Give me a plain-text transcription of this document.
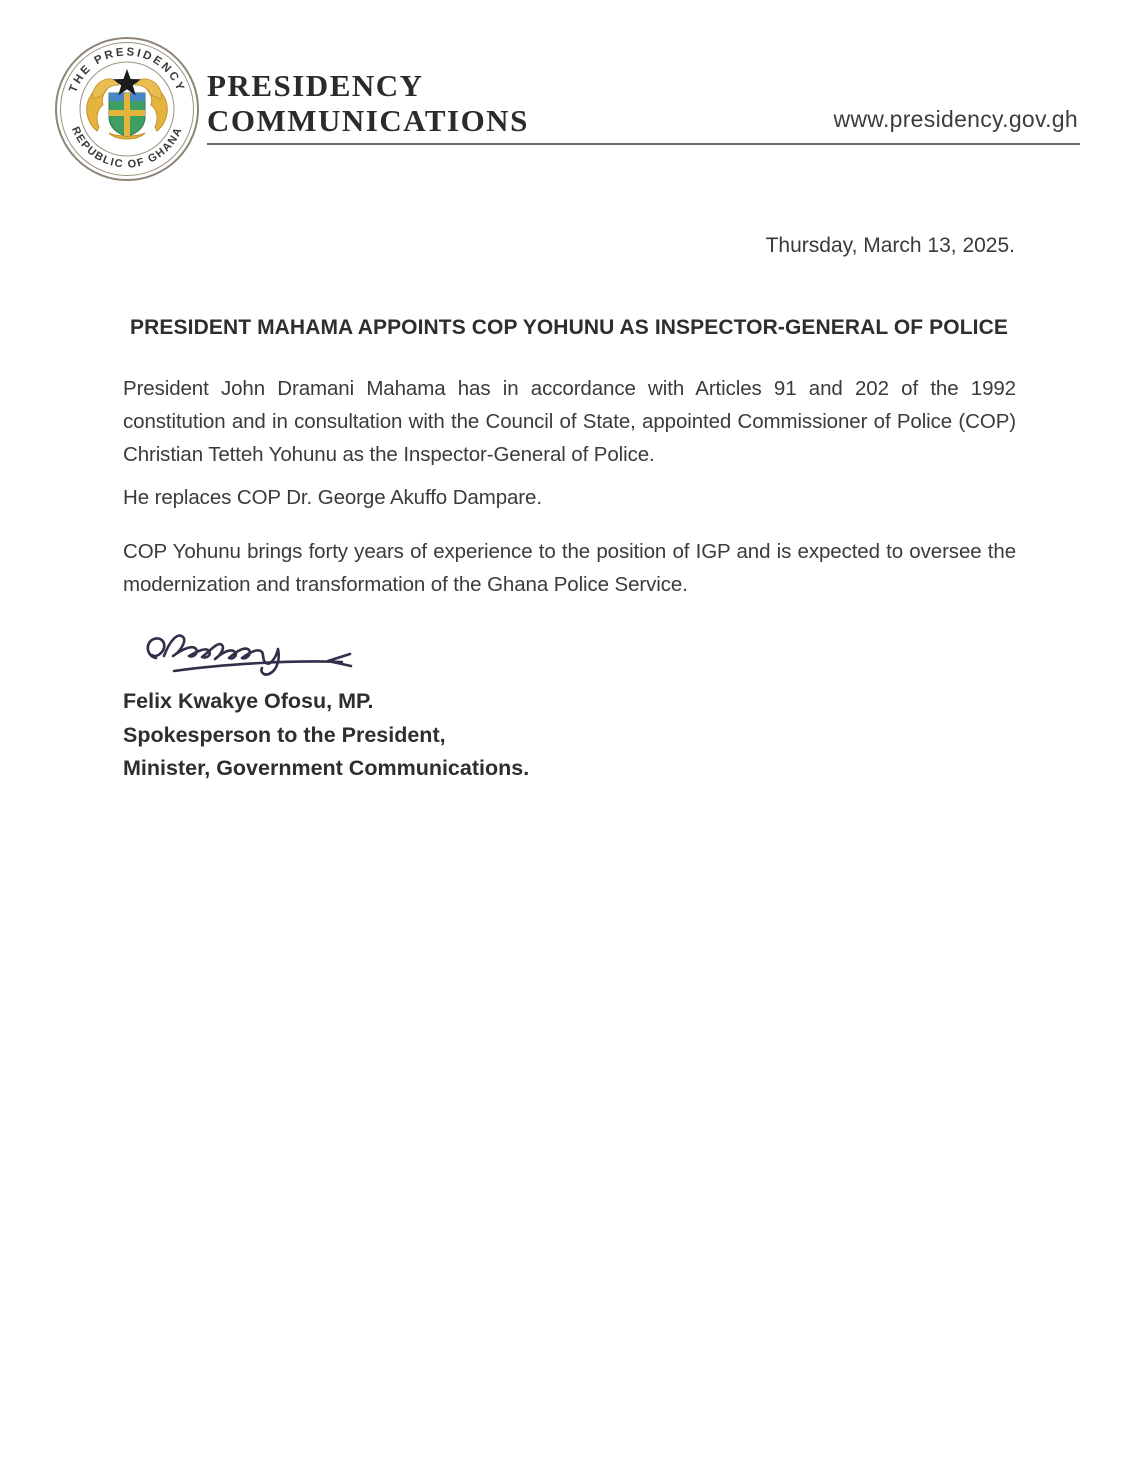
THE PRESIDENCY
REPUBLIC OF GHANA
PRESIDENCY
COMMUNICATIONS	www.presidency.gov.gh
Thursday, March 13, 2025.
PRESIDENT MAHAMA APPOINTS COP YOHUNU AS INSPECTOR-GENERAL OF POLICE
President John Dramani Mahama has in accordance with Articles 91 and 202 of the 1992 constitution and in consultation with the Council of State, appointed Commissioner of Police (COP) Christian Tetteh Yohunu as the Inspector-General of Police.
He replaces COP Dr. George Akuffo Dampare.
COP Yohunu brings forty years of experience to the position of IGP and is expected to oversee the modernization and transformation of the Ghana Police Service.
Felix Kwakye Ofosu, MP.
Spokesperson to the President,
Minister, Government Communications.
